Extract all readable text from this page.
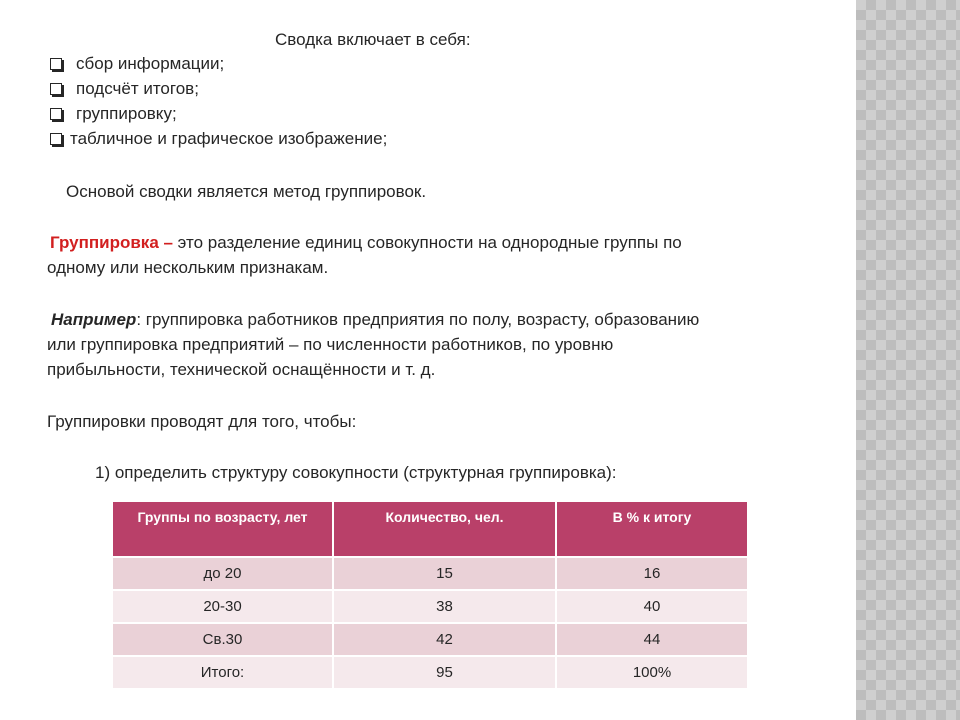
Сводка включает в себя:
сбор информации;
подсчёт итогов;
группировку;
табличное и графическое изображение;
Основой сводки является метод группировок.
Группировка – это разделение единиц совокупности на однородные группы по
одному или нескольким признакам.
Например: группировка работников предприятия по полу, возрасту, образованию
или группировка предприятий – по численности работников, по уровню
прибыльности, технической оснащённости и т. д.
Группировки проводят для того, чтобы:
1) определить структуру совокупности (структурная группировка):
Группы по возрасту, лет	Количество, чел.	В % к итогу
до 20	15	16
20-30	38	40
Св.30	42	44
Итого:	95	100%
